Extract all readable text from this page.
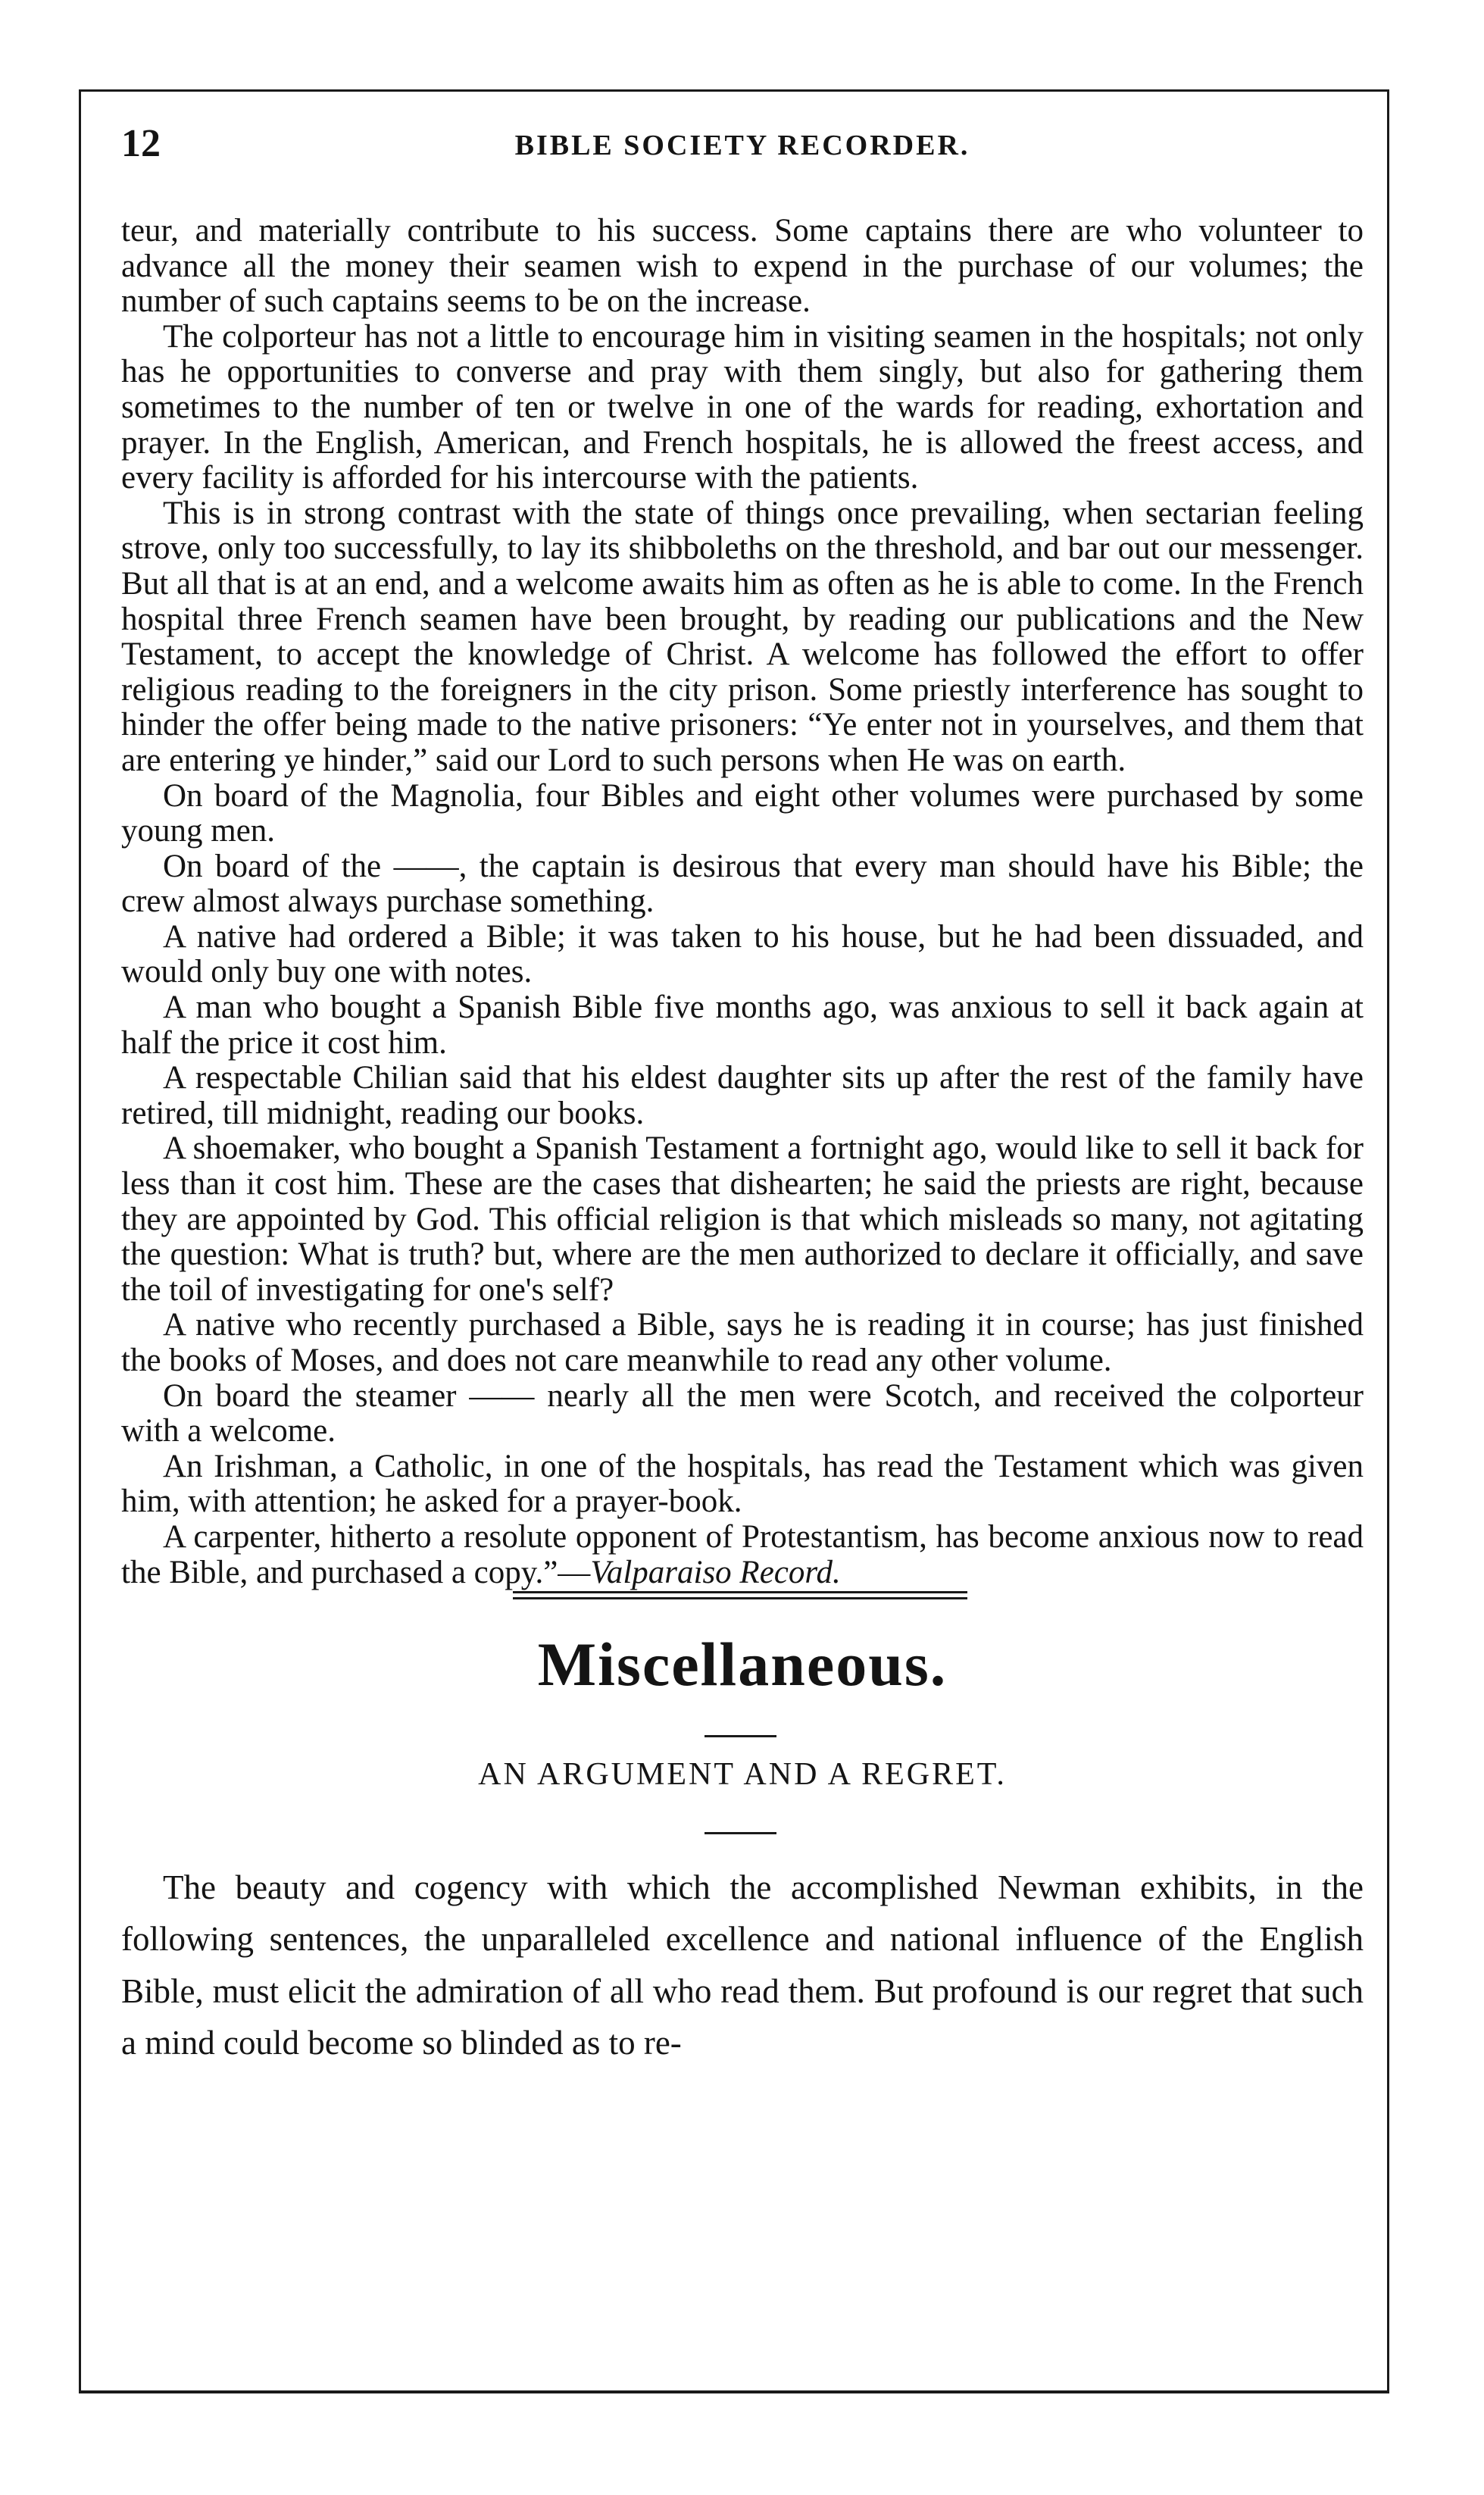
12	BIBLE SOCIETY RECORDER.

teur, and materially contribute to his success. Some captains there are who volunteer to advance all the money their seamen wish to expend in the purchase of our volumes; the number of such captains seems to be on the increase.

The colporteur has not a little to encourage him in visiting seamen in the hospitals; not only has he opportunities to converse and pray with them singly, but also for gathering them sometimes to the number of ten or twelve in one of the wards for reading, exhortation and prayer. In the English, American, and French hospitals, he is allowed the freest access, and every facility is afforded for his intercourse with the patients.

This is in strong contrast with the state of things once prevailing, when sectarian feeling strove, only too successfully, to lay its shibboleths on the threshold, and bar out our messenger. But all that is at an end, and a welcome awaits him as often as he is able to come. In the French hospital three French seamen have been brought, by reading our publications and the New Testament, to accept the knowledge of Christ. A welcome has followed the effort to offer religious reading to the foreigners in the city prison. Some priestly interference has sought to hinder the offer being made to the native prisoners: “Ye enter not in yourselves, and them that are entering ye hinder,” said our Lord to such persons when He was on earth.

On board of the Magnolia, four Bibles and eight other volumes were purchased by some young men.

On board of the ——, the captain is desirous that every man should have his Bible; the crew almost always purchase something.

A native had ordered a Bible; it was taken to his house, but he had been dissuaded, and would only buy one with notes.

A man who bought a Spanish Bible five months ago, was anxious to sell it back again at half the price it cost him.

A respectable Chilian said that his eldest daughter sits up after the rest of the family have retired, till midnight, reading our books.

A shoemaker, who bought a Spanish Testament a fortnight ago, would like to sell it back for less than it cost him. These are the cases that dishearten; he said the priests are right, because they are appointed by God. This official religion is that which misleads so many, not agitating the question: What is truth? but, where are the men authorized to declare it officially, and save the toil of investigating for one's self?

A native who recently purchased a Bible, says he is reading it in course; has just finished the books of Moses, and does not care meanwhile to read any other volume.

On board the steamer —— nearly all the men were Scotch, and received the colporteur with a welcome.

An Irishman, a Catholic, in one of the hospitals, has read the Testament which was given him, with attention; he asked for a prayer-book.

A carpenter, hitherto a resolute opponent of Protestantism, has become anxious now to read the Bible, and purchased a copy.”—Valparaiso Record.

Miscellaneous.
AN ARGUMENT AND A REGRET.

The beauty and cogency with which the accomplished Newman exhibits, in the following sentences, the unparalleled excellence and national influence of the English Bible, must elicit the admiration of all who read them. But profound is our regret that such a mind could become so blinded as to re-
